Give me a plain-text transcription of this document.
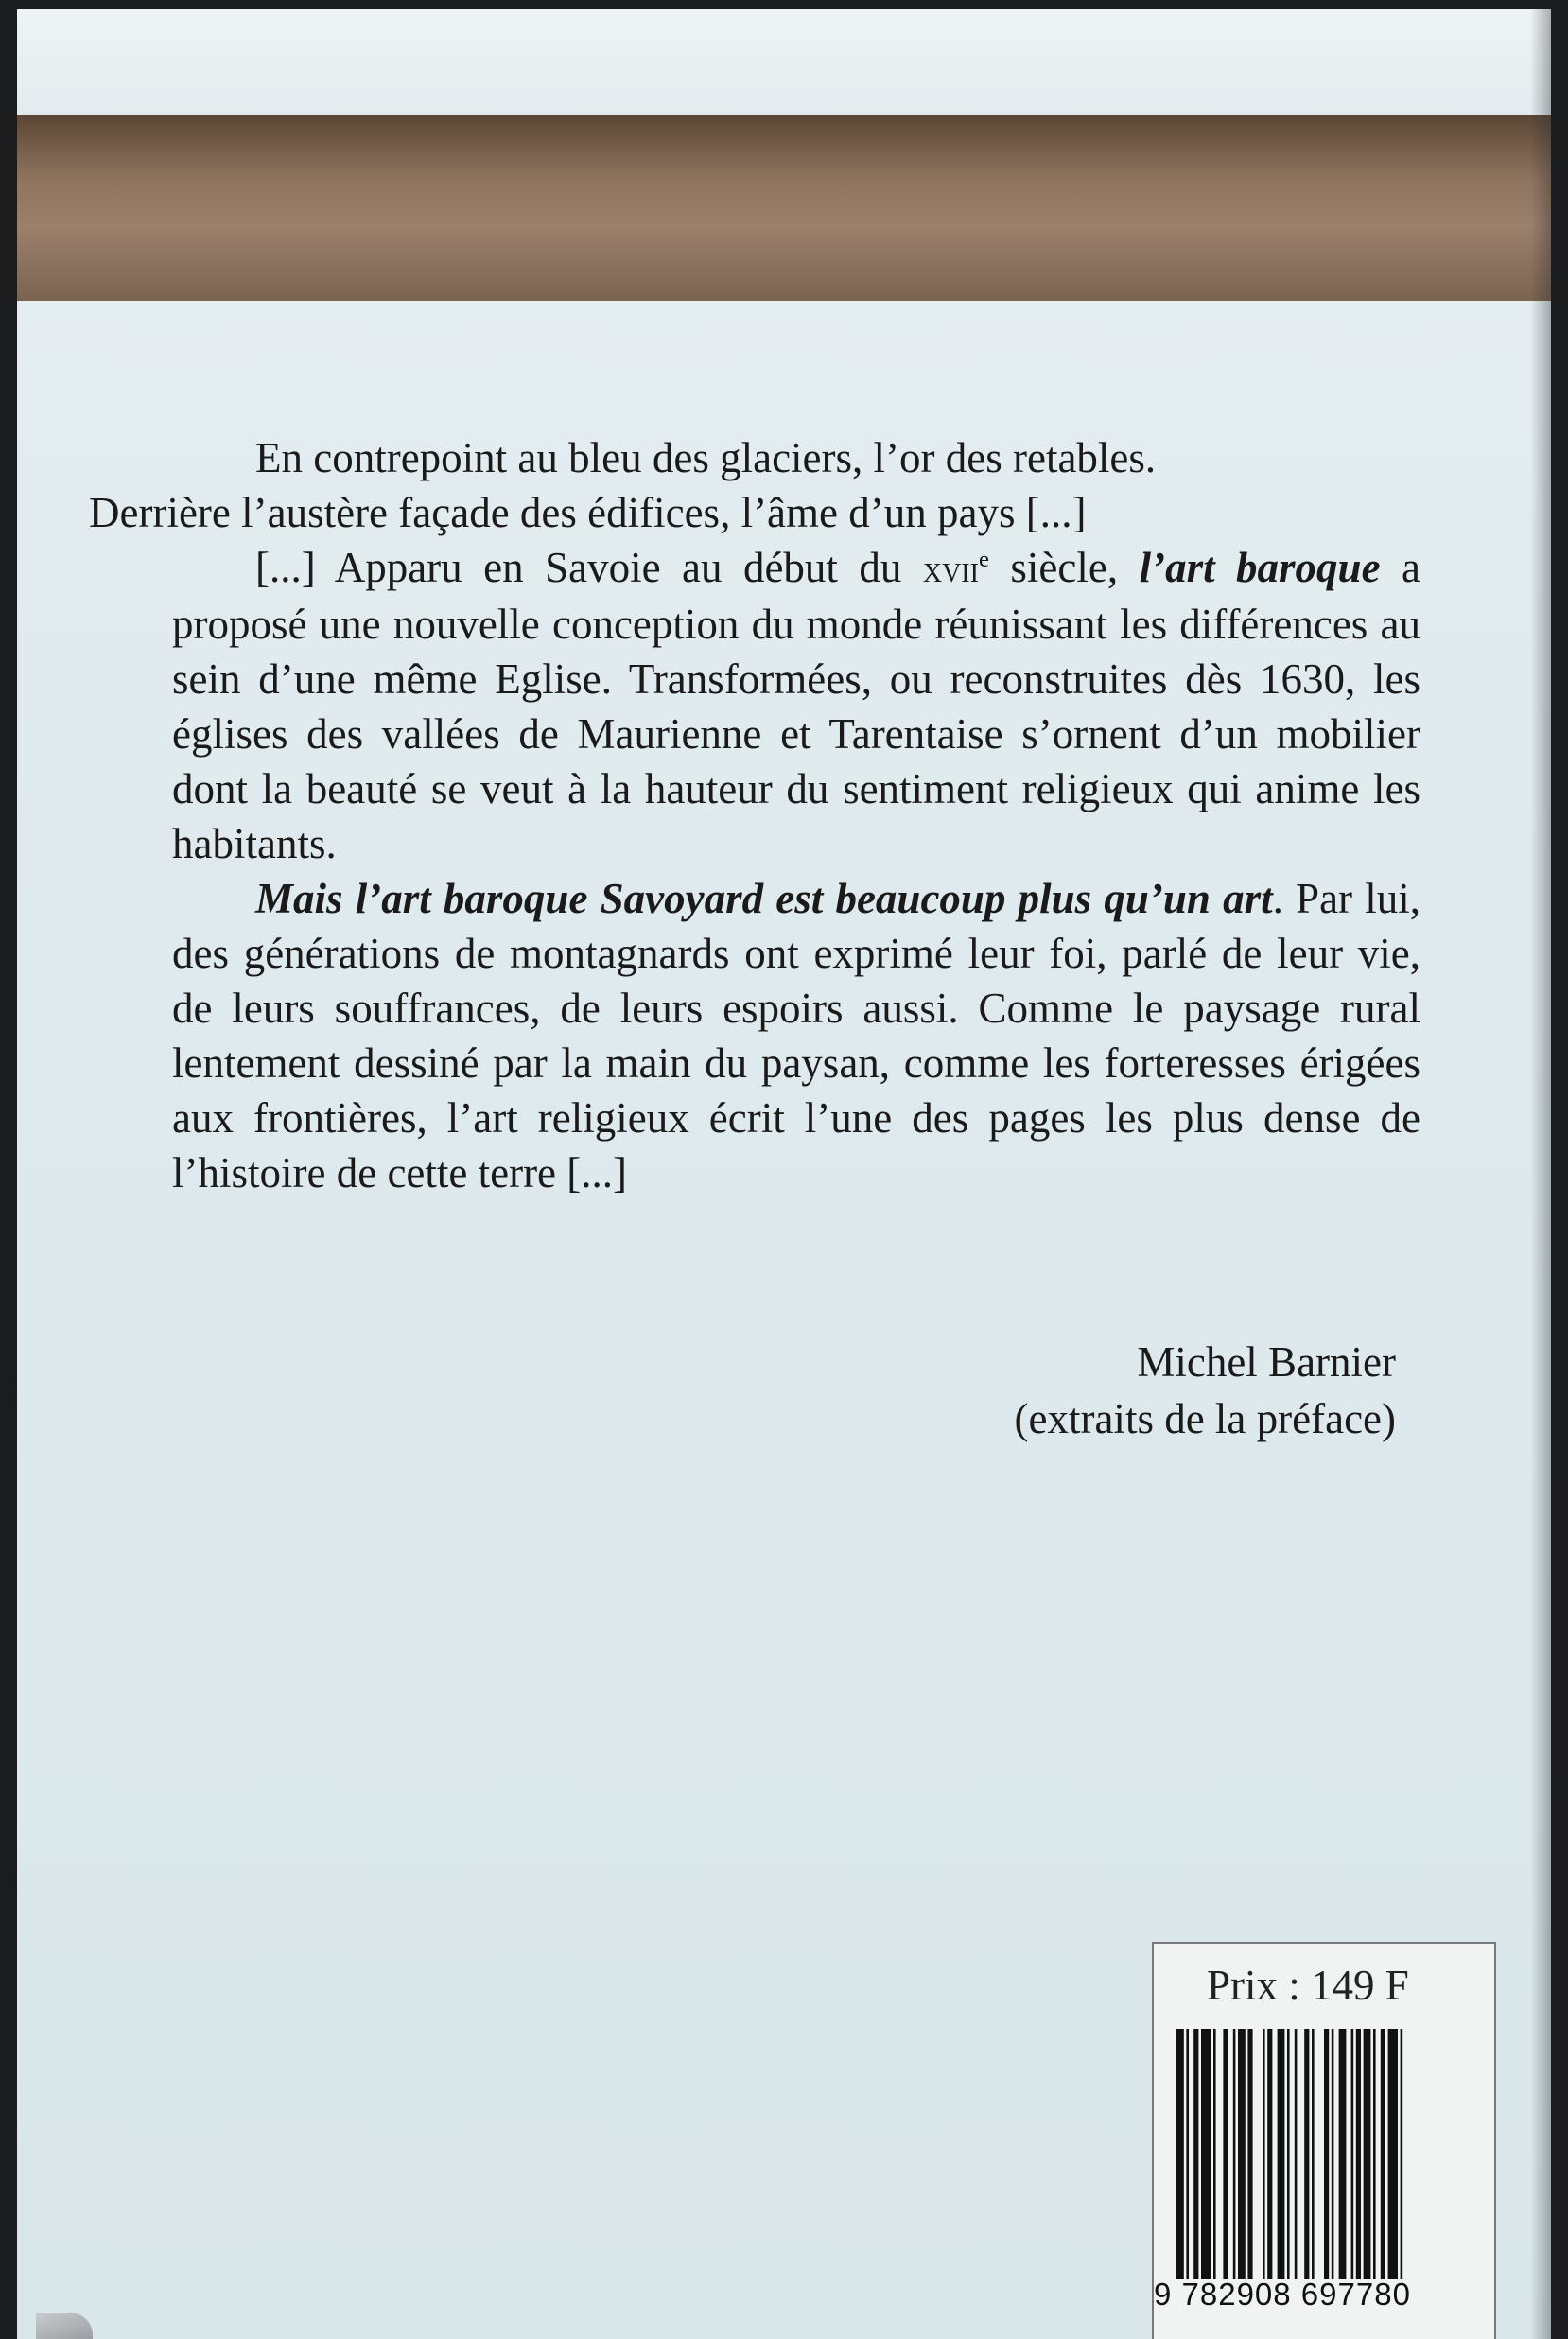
En contrepoint au bleu des glaciers, l’or des retables.
Derrière l’austère façade des édifices, l’âme d’un pays [...]

[...] Apparu en Savoie au début du xvii$^e$ siècle, l’art baroque a proposé une nouvelle conception du monde réunissant les différences au sein d’une même Eglise. Transformées, ou reconstruites dès 1630, les églises des vallées de Maurienne et Tarentaise s’ornent d’un mobilier dont la beauté se veut à la hauteur du sentiment religieux qui anime les habitants.

Mais l’art baroque Savoyard est beaucoup plus qu’un art. Par lui, des générations de montagnards ont exprimé leur foi, parlé de leur vie, de leurs souffrances, de leurs espoirs aussi. Comme le paysage rural lentement dessiné par la main du paysan, comme les forteresses érigées aux frontières, l’art religieux écrit l’une des pages les plus dense de l’histoire de cette terre [...]

Michel Barnier
(extraits de la préface)
Prix : 149 F
9 782908 697780
